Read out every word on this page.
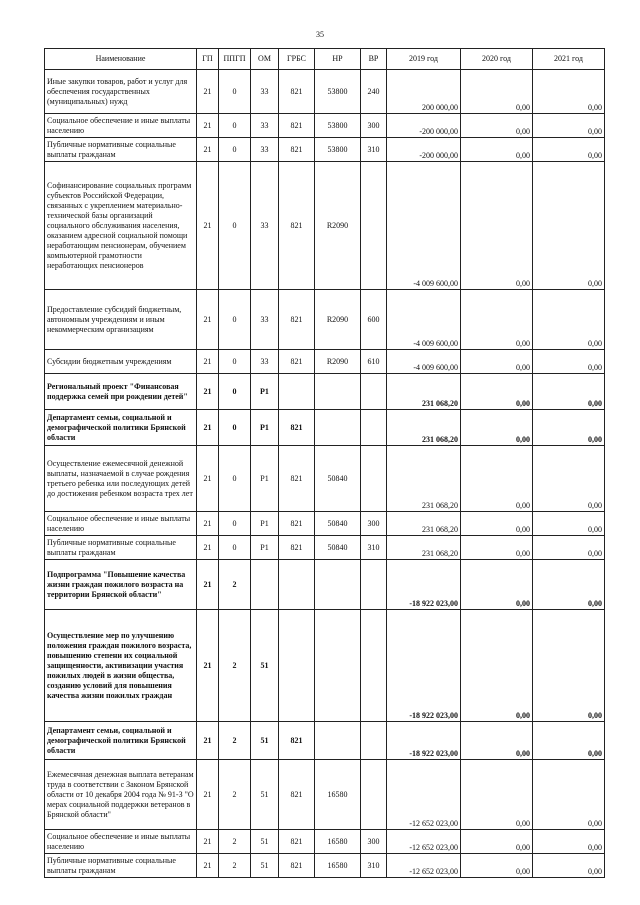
35
Наименование	ГП	ППГП	ОМ	ГРБС	НР	ВР	2019 год	2020 год	2021 год
Иные закупки товаров, работ и услуг для обеспечения государственных (муниципальных) нужд	21	0	33	821	53800	240	200 000,00	0,00	0,00
Социальное обеспечение и иные выплаты населению	21	0	33	821	53800	300	-200 000,00	0,00	0,00
Публичные нормативные социальные выплаты гражданам	21	0	33	821	53800	310	-200 000,00	0,00	0,00
Софинансирование социальных программ субъектов Российской Федерации, связанных с укреплением материально-технической базы организаций социального обслуживания населения, оказанием адресной социальной помощи неработающим пенсионерам, обучением компьютерной грамотности неработающих пенсионеров	21	0	33	821	R2090		-4 009 600,00	0,00	0,00
Предоставление субсидий бюджетным, автономным учреждениям и иным некоммерческим организациям	21	0	33	821	R2090	600	-4 009 600,00	0,00	0,00
Субсидии бюджетным учреждениям	21	0	33	821	R2090	610	-4 009 600,00	0,00	0,00
Региональный проект "Финансовая поддержка семей при рождении детей"	21	0	P1				231 068,20	0,00	0,00
Департамент семьи, социальной и демографической политики Брянской области	21	0	P1	821			231 068,20	0,00	0,00
Осуществление ежемесячной денежной выплаты, назначаемой в случае рождения третьего ребенка или последующих детей до достижения ребенком возраста трех лет	21	0	P1	821	50840		231 068,20	0,00	0,00
Социальное обеспечение и иные выплаты населению	21	0	P1	821	50840	300	231 068,20	0,00	0,00
Публичные нормативные социальные выплаты гражданам	21	0	P1	821	50840	310	231 068,20	0,00	0,00
Подпрограмма "Повышение качества жизни граждан пожилого возраста на территории Брянской области"	21	2					-18 922 023,00	0,00	0,00
Осуществление мер по улучшению положения граждан пожилого возраста, повышению степени их социальной защищенности, активизации участия пожилых людей в жизни общества, созданию условий для повышения качества жизни пожилых граждан	21	2	51				-18 922 023,00	0,00	0,00
Департамент семьи, социальной и демографической политики Брянской области	21	2	51	821			-18 922 023,00	0,00	0,00
Ежемесячная денежная выплата ветеранам труда в соответствии с Законом Брянской области от 10 декабря 2004 года № 91-З "О мерах социальной поддержки ветеранов в Брянской области"	21	2	51	821	16580		-12 652 023,00	0,00	0,00
Социальное обеспечение и иные выплаты населению	21	2	51	821	16580	300	-12 652 023,00	0,00	0,00
Публичные нормативные социальные выплаты гражданам	21	2	51	821	16580	310	-12 652 023,00	0,00	0,00
